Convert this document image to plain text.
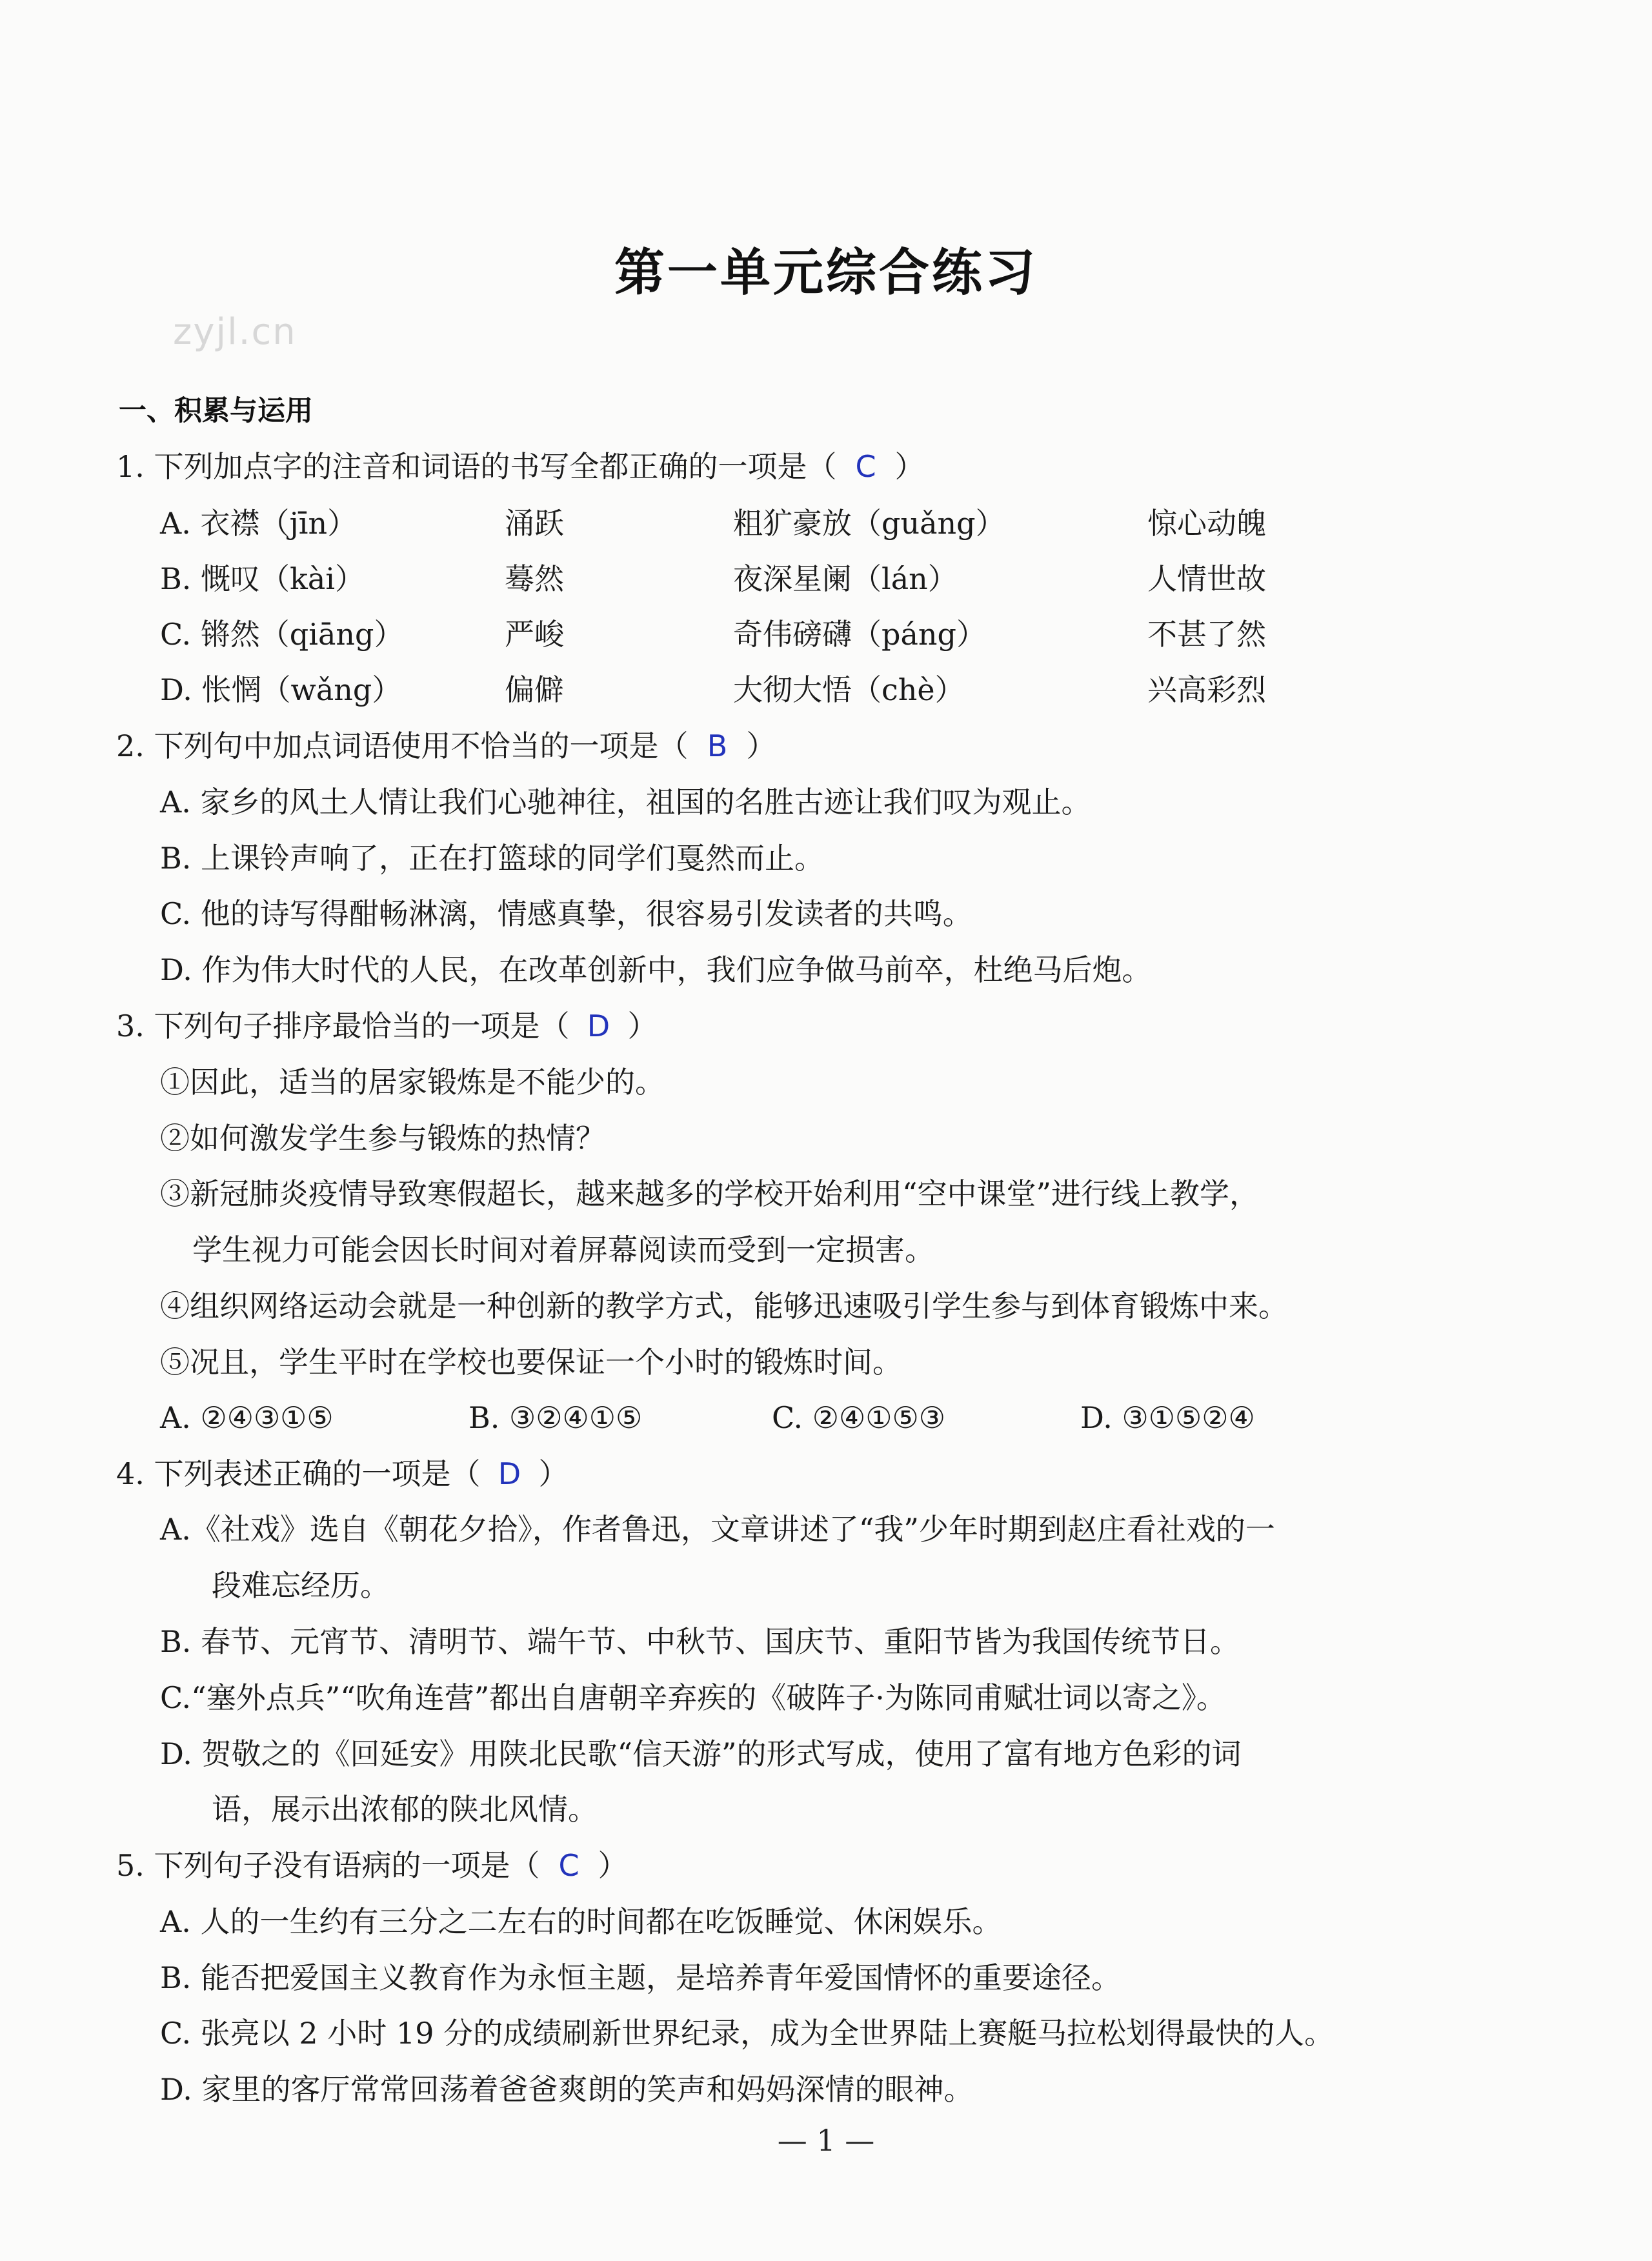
zyjl.cn
第一单元综合练习
一、积累与运用
1. 下列加点字的注音和词语的书写全都正确的一项是（ C ）
A. 衣襟（jīn）	涌跃	粗犷豪放（guǎng）	惊心动魄
B. 慨叹（kài）	蓦然	夜深星阑（lán）	人情世故
C. 锵然（qiāng）	严峻	奇伟磅礴（páng）	不甚了然
D. 怅惘（wǎng）	偏僻	大彻大悟（chè）	兴高彩烈
2. 下列句中加点词语使用不恰当的一项是（ B ）
A. 家乡的风土人情让我们心驰神往，祖国的名胜古迹让我们叹为观止。
B. 上课铃声响了，正在打篮球的同学们戛然而止。
C. 他的诗写得酣畅淋漓，情感真挚，很容易引发读者的共鸣。
D. 作为伟大时代的人民，在改革创新中，我们应争做马前卒，杜绝马后炮。
3. 下列句子排序最恰当的一项是（ D ）
①因此，适当的居家锻炼是不能少的。
②如何激发学生参与锻炼的热情？
③新冠肺炎疫情导致寒假超长，越来越多的学校开始利用“空中课堂”进行线上教学，
学生视力可能会因长时间对着屏幕阅读而受到一定损害。
④组织网络运动会就是一种创新的教学方式，能够迅速吸引学生参与到体育锻炼中来。
⑤况且，学生平时在学校也要保证一个小时的锻炼时间。
A. ②④③①⑤	B. ③②④①⑤	C. ②④①⑤③	D. ③①⑤②④
4. 下列表述正确的一项是（ D ）
A.《社戏》选自《朝花夕拾》，作者鲁迅，文章讲述了“我”少年时期到赵庄看社戏的一
段难忘经历。
B. 春节、元宵节、清明节、端午节、中秋节、国庆节、重阳节皆为我国传统节日。
C.“塞外点兵”“吹角连营”都出自唐朝辛弃疾的《破阵子·为陈同甫赋壮词以寄之》。
D. 贺敬之的《回延安》用陕北民歌“信天游”的形式写成，使用了富有地方色彩的词
语，展示出浓郁的陕北风情。
5. 下列句子没有语病的一项是（ C ）
A. 人的一生约有三分之二左右的时间都在吃饭睡觉、休闲娱乐。
B. 能否把爱国主义教育作为永恒主题，是培养青年爱国情怀的重要途径。
C. 张亮以 2 小时 19 分的成绩刷新世界纪录，成为全世界陆上赛艇马拉松划得最快的人。
D. 家里的客厅常常回荡着爸爸爽朗的笑声和妈妈深情的眼神。
— 1 —
